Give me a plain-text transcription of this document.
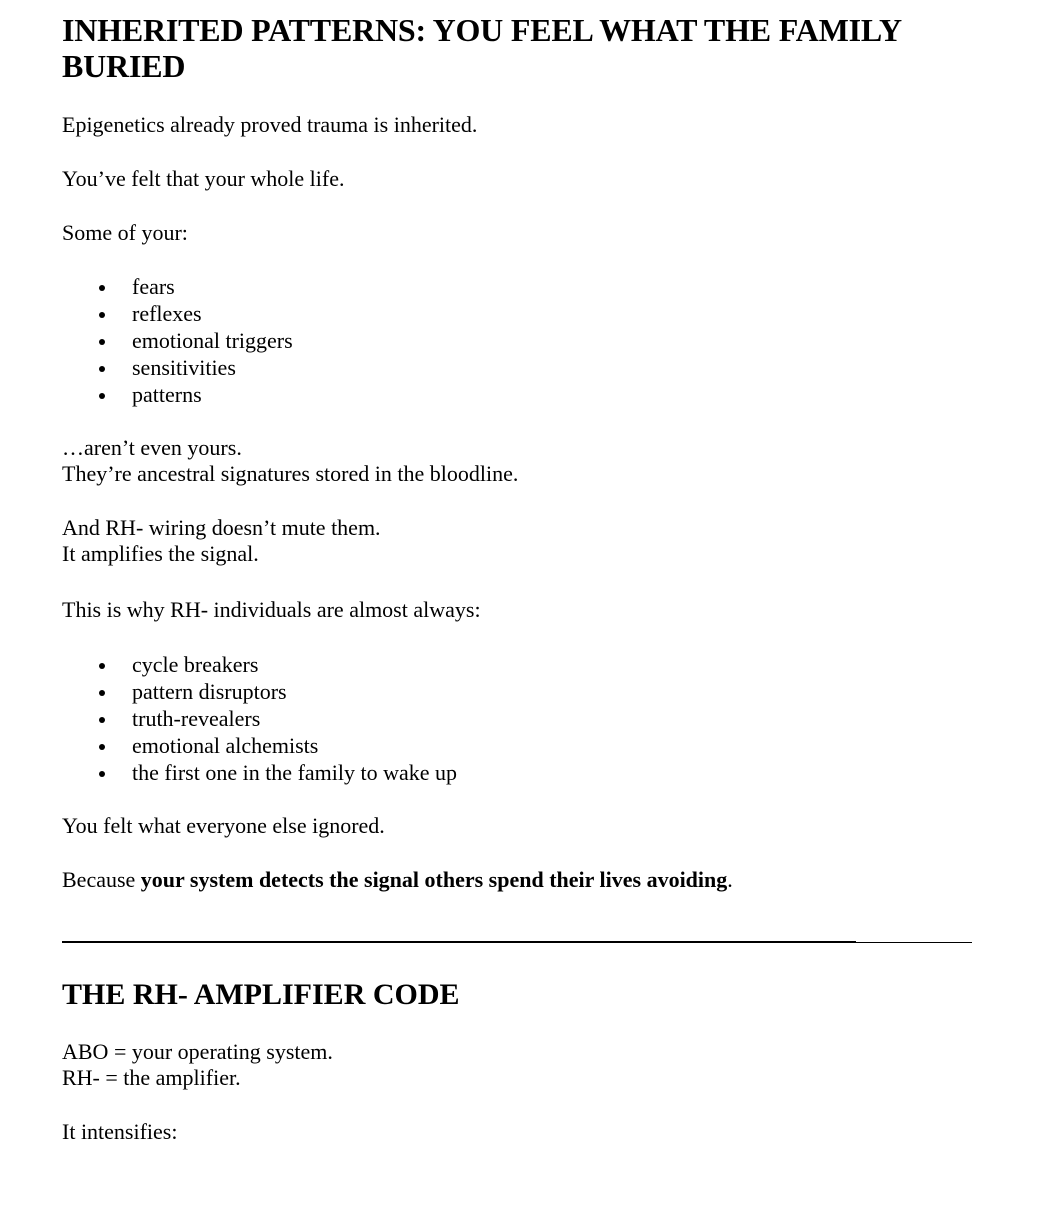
INHERITED PATTERNS: YOU FEEL WHAT THE FAMILY BURIED

Epigenetics already proved trauma is inherited.

You’ve felt that your whole life.

Some of your:

fears
reflexes
emotional triggers
sensitivities
patterns

…aren’t even yours.

They’re ancestral signatures stored in the bloodline.

And RH- wiring doesn’t mute them.

It amplifies the signal.

This is why RH- individuals are almost always:

cycle breakers
pattern disruptors
truth-revealers
emotional alchemists
the first one in the family to wake up

You felt what everyone else ignored.

Because your system detects the signal others spend their lives avoiding.

THE RH- AMPLIFIER CODE

ABO = your operating system.

RH- = the amplifier.

It intensifies:
